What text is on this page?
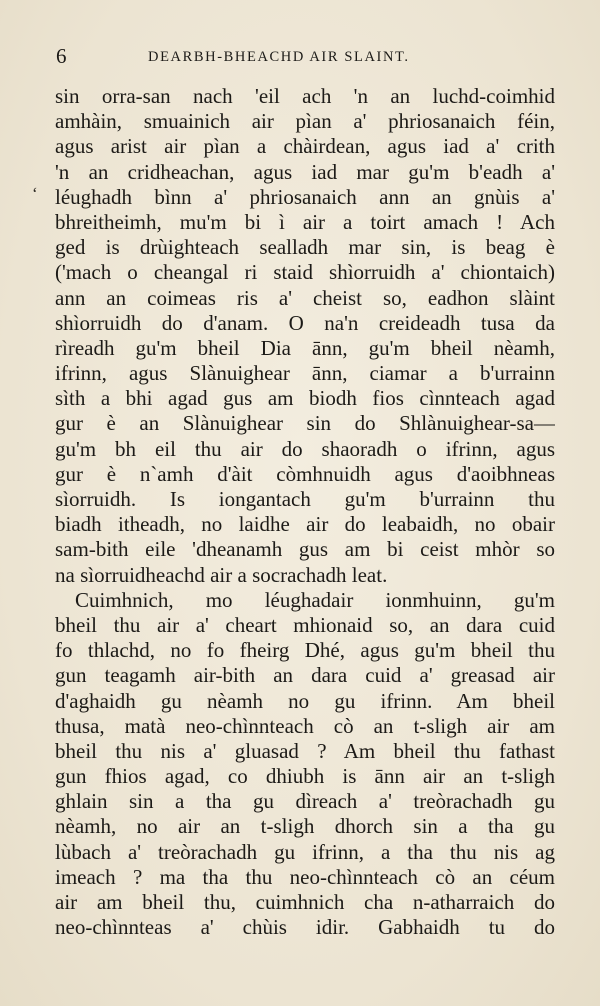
6	DEARBH-BHEACHD AIR SLAINT.
‘
sin orra-san nach 'eil ach 'n an luchd-coimhid
amhàin, smuainich air pìan a' phriosanaich féin,
agus arist air pìan a chàirdean, agus iad a' crith
'n an cridheachan, agus iad mar gu'm b'eadh a'
léughadh bìnn a' phriosanaich ann an gnùis a'
bhreitheimh, mu'm bi ì air a toirt amach ! Ach
ged is drùighteach sealladh mar sin, is beag è
('mach o cheangal ri staid shìorruidh a' chiontaich)
ann an coimeas ris a' cheist so, eadhon slàint
shìorruidh do d'anam. O na'n creideadh tusa da
rìreadh gu'm bheil Dia ānn, gu'm bheil nèamh,
ifrinn, agus Slànuighear ānn, ciamar a b'urrainn
sìth a bhi agad gus am biodh fios cìnnteach agad
gur è an Slànuighear sin do Shlànuighear-sa—
gu'm bh eil thu air do shaoradh o ifrinn, agus
gur è n`amh d'àit còmhnuidh agus d'aoibhneas
sìorruidh. Is iongantach gu'm b'urrainn thu
biadh itheadh, no laidhe air do leabaidh, no obair
sam-bith eile 'dheanamh gus am bi ceist mhòr so
na sìorruidheachd air a socrachadh leat.
Cuimhnich, mo léughadair ionmhuinn, gu'm
bheil thu air a' cheart mhionaid so, an dara cuid
fo thlachd, no fo fheirg Dhé, agus gu'm bheil thu
gun teagamh air-bith an dara cuid a' greasad air
d'aghaidh gu nèamh no gu ifrinn. Am bheil
thusa, matà neo-chìnnteach cò an t-sligh air am
bheil thu nis a' gluasad ? Am bheil thu fathast
gun fhios agad, co dhiubh is ānn air an t-sligh
ghlain sin a tha gu dìreach a' treòrachadh gu
nèamh, no air an t-sligh dhorch sin a tha gu
lùbach a' treòrachadh gu ifrinn, a tha thu nis ag
imeach ? ma tha thu neo-chìnnteach cò an céum
air am bheil thu, cuimhnich cha n-atharraich do
neo-chìnnteas a' chùis idir. Gabhaidh tu do
